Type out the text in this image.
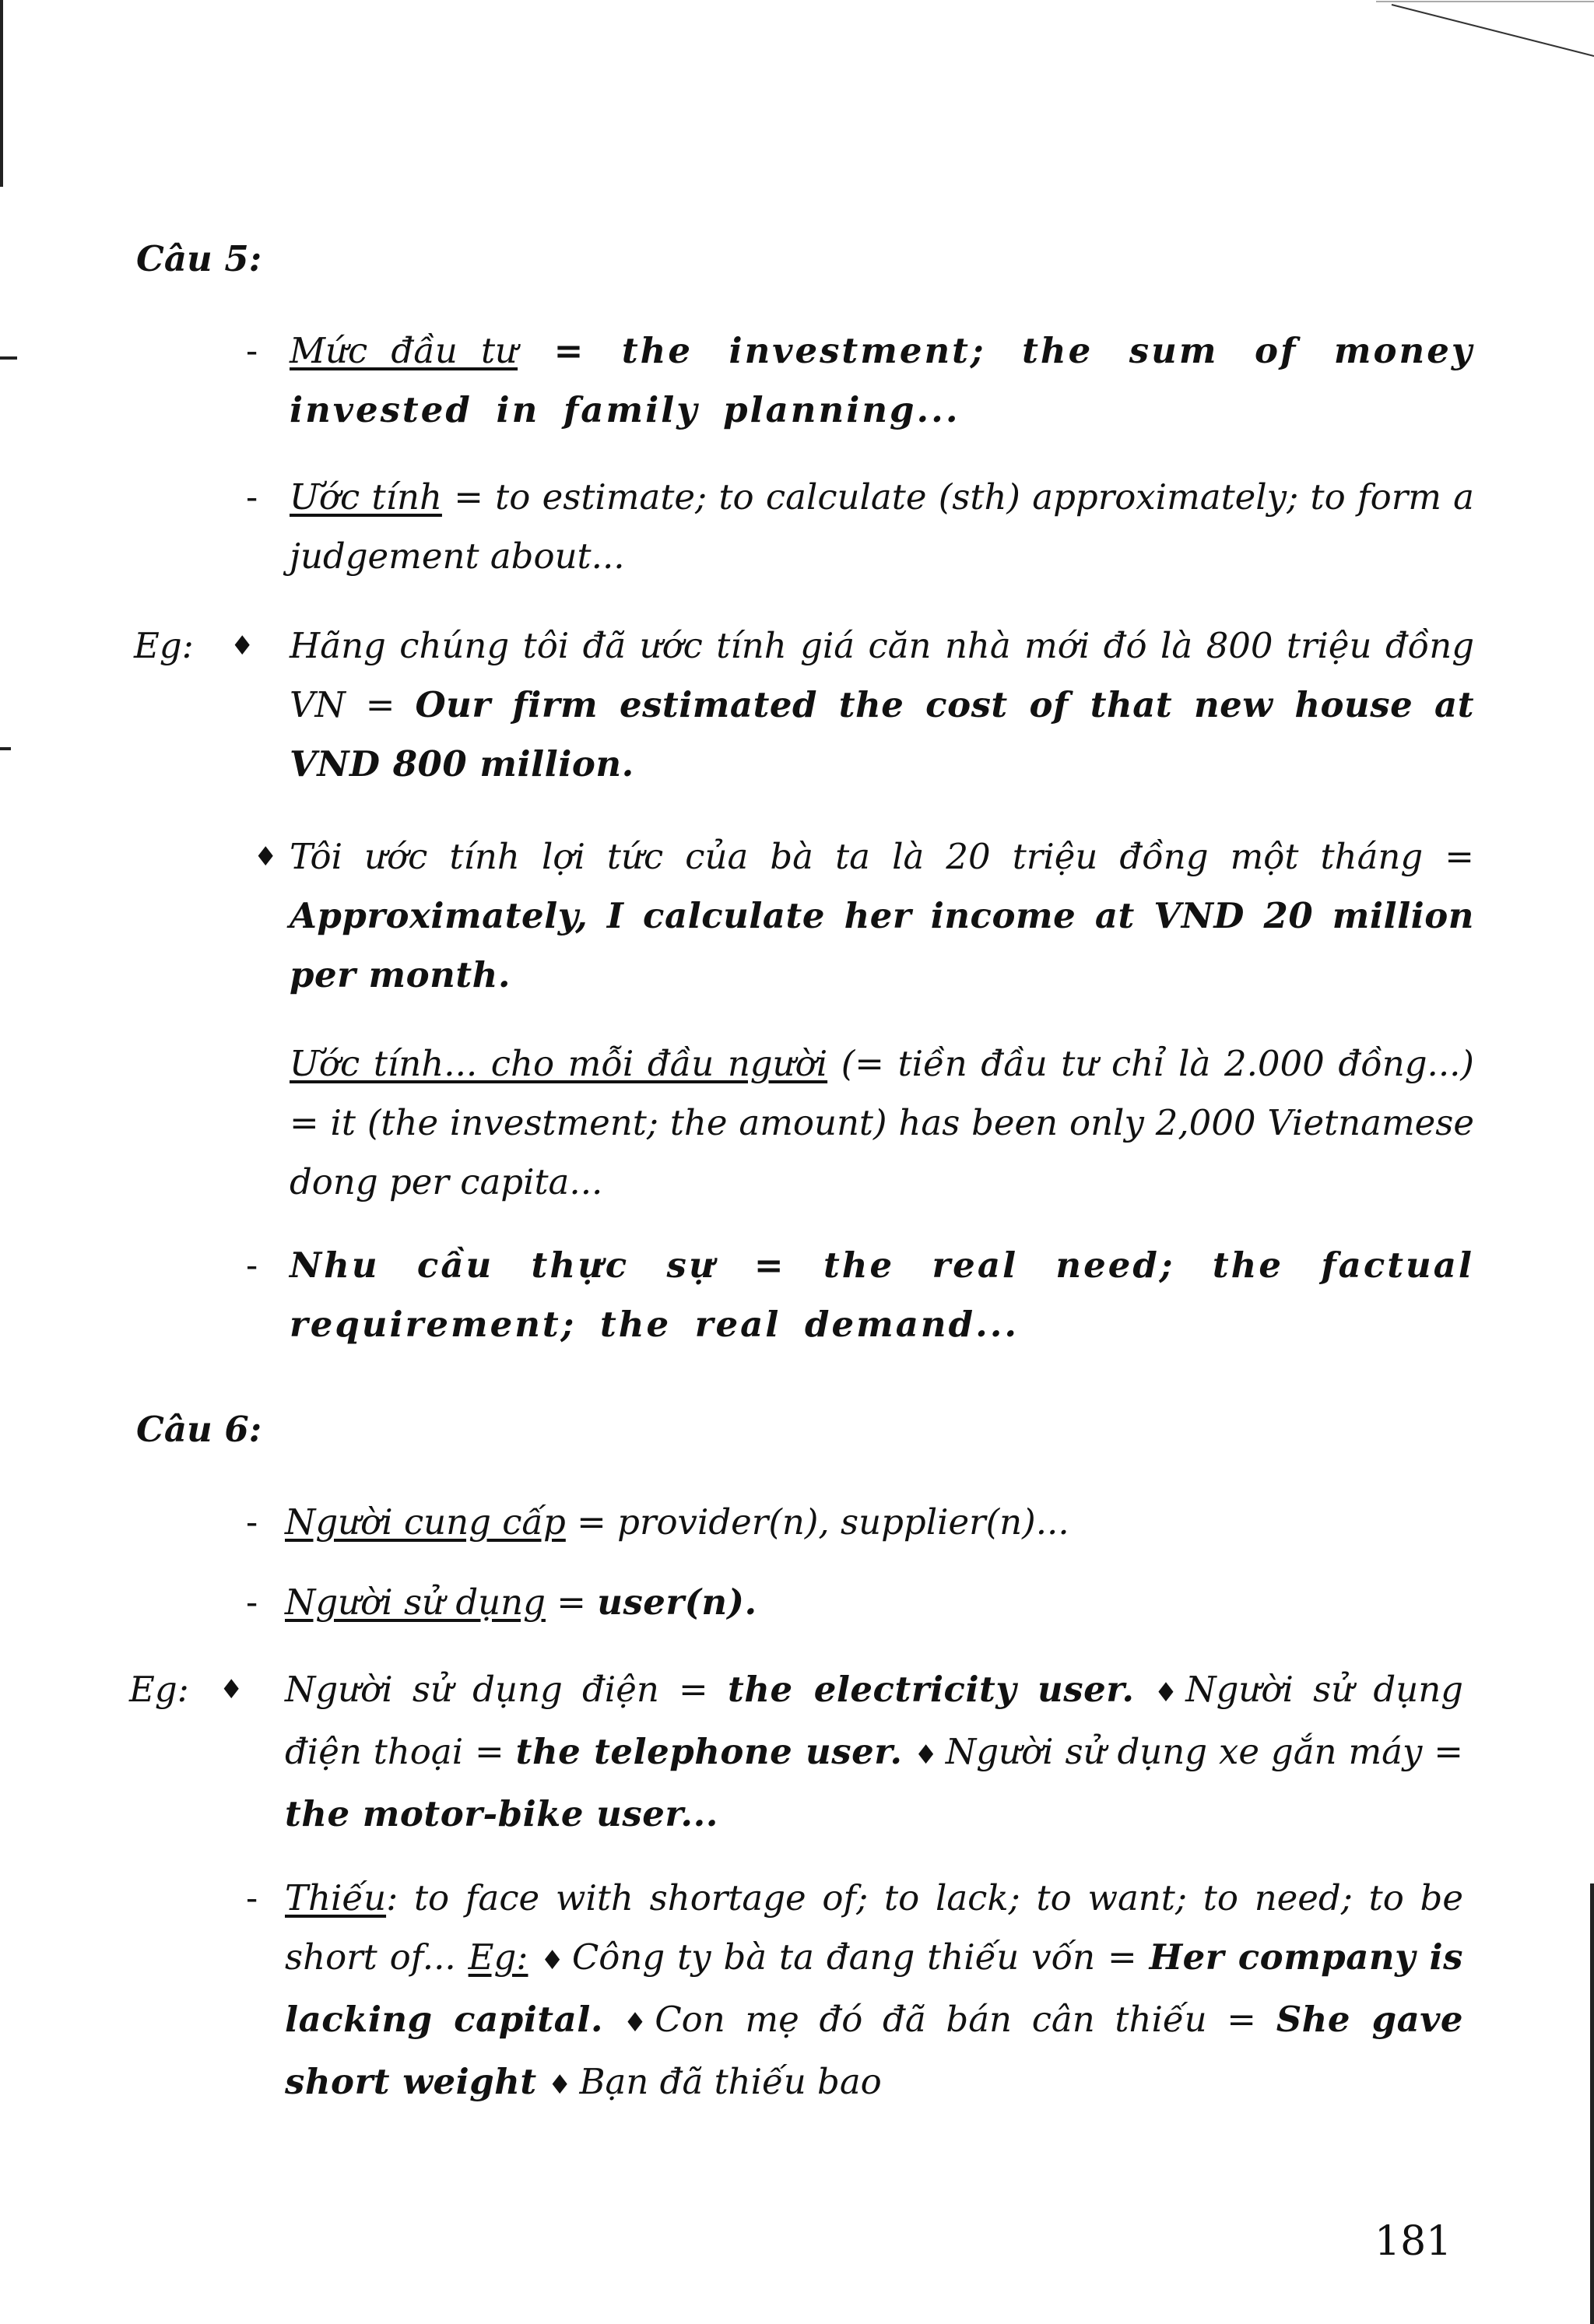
Câu 5:
- Mức đầu tư = the investment; the sum of money invested in family planning...
- Ước tính = to estimate; to calculate (sth) approximately; to form a judgement about...
Eg: ♦ Hãng chúng tôi đã ước tính giá căn nhà mới đó là 800 triệu đồng VN = Our firm estimated the cost of that new house at VND 800 million.
♦ Tôi ước tính lợi tức của bà ta là 20 triệu đồng một tháng = Approximately, I calculate her income at VND 20 million per month.
Ước tính... cho mỗi đầu người (= tiền đầu tư chỉ là 2.000 đồng...) = it (the investment; the amount) has been only 2,000 Vietnamese dong per capita...
- Nhu cầu thực sự = the real need; the factual requirement; the real demand...
Câu 6:
- Người cung cấp = provider(n), supplier(n)...
- Người sử dụng = user(n).
Eg: ♦ Người sử dụng điện = the electricity user. ♦ Người sử dụng điện thoại = the telephone user. ♦ Người sử dụng xe gắn máy = the motor-bike user...
- Thiếu: to face with shortage of; to lack; to want; to need; to be short of... Eg: ♦ Công ty bà ta đang thiếu vốn = Her company is lacking capital. ♦ Con mẹ đó đã bán cân thiếu = She gave short weight ♦ Bạn đã thiếu bao
181
